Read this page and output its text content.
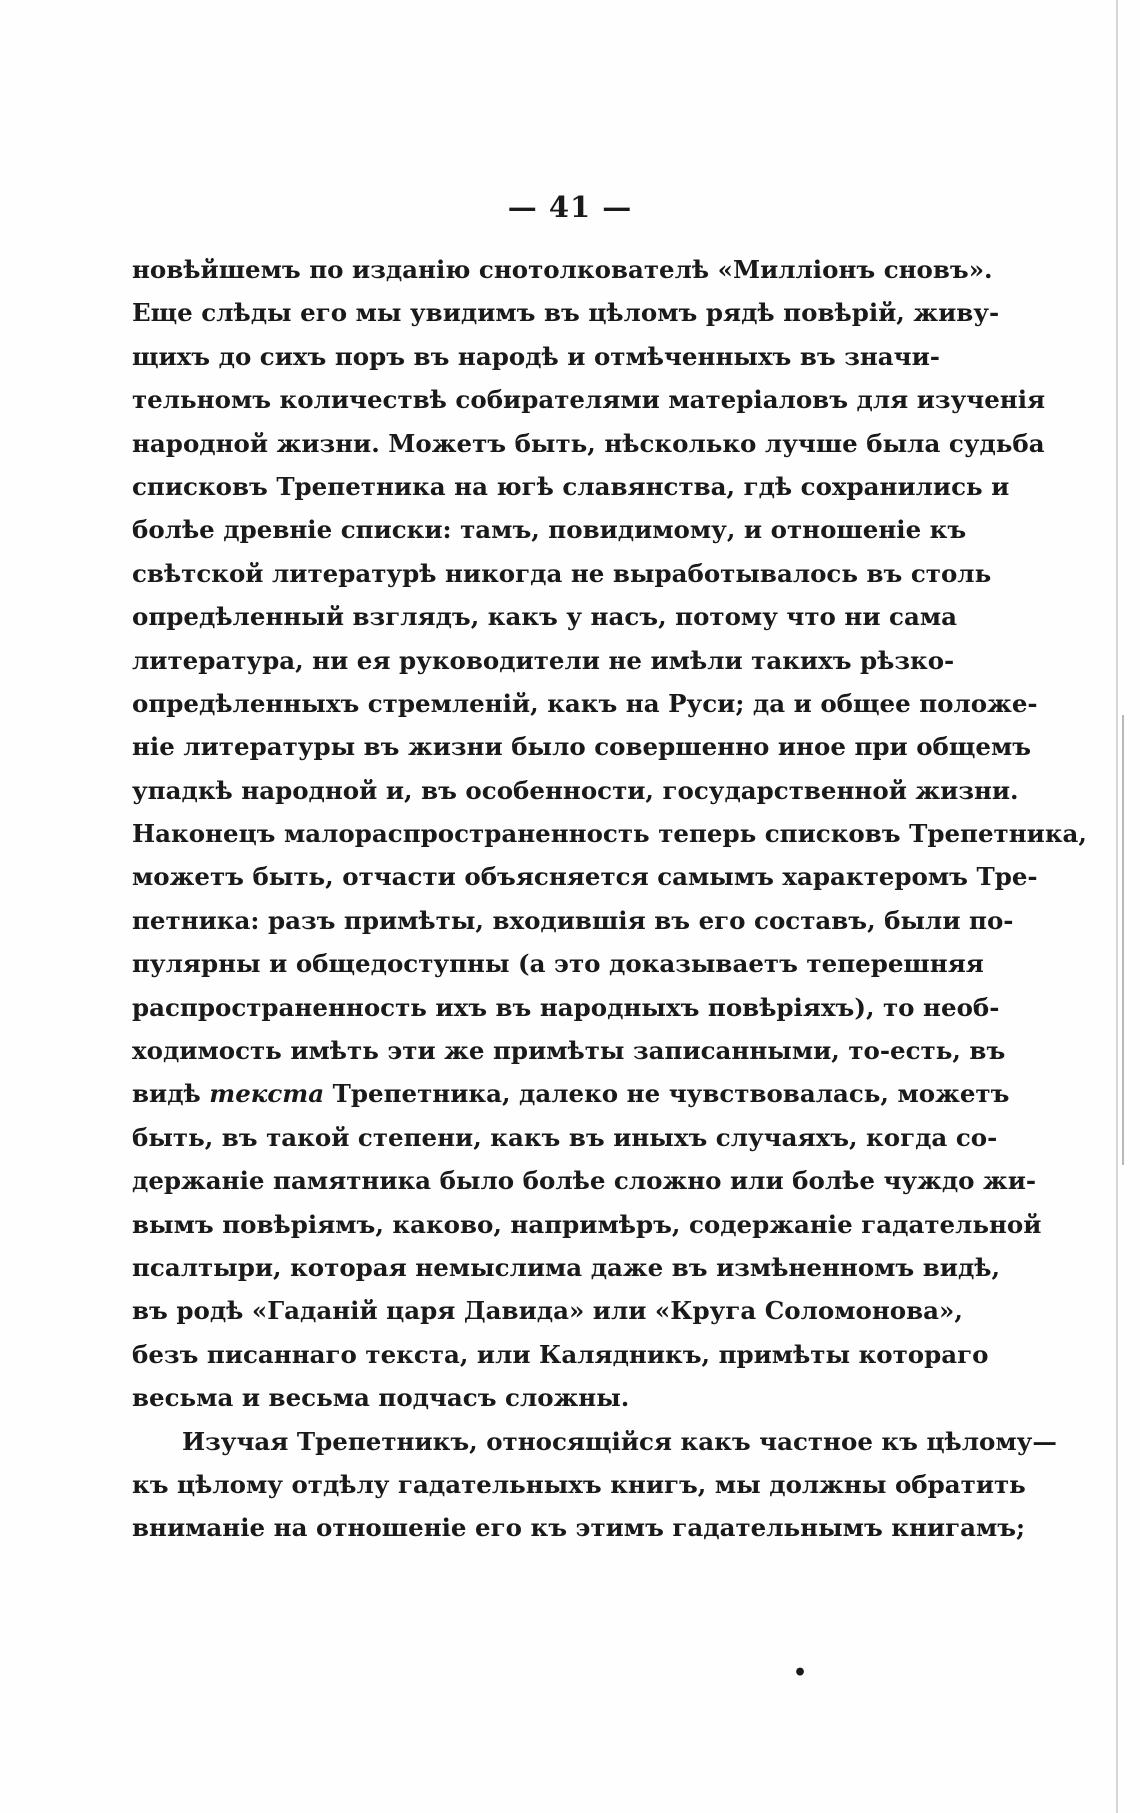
— 41 —
новѣйшемъ по изданію снотолкователѣ «Милліонъ сновъ».
Еще слѣды его мы увидимъ въ цѣломъ рядѣ повѣрій, живу-
щихъ до сихъ поръ въ народѣ и отмѣченныхъ въ значи-
тельномъ количествѣ собирателями матеріаловъ для изученія
народной жизни. Можетъ быть, нѣсколько лучше была судьба
списковъ Трепетника на югѣ славянства, гдѣ сохранились и
болѣе древніе списки: тамъ, повидимому, и отношеніе къ
свѣтской литературѣ никогда не выработывалось въ столь
опредѣленный взглядъ, какъ у насъ, потому что ни сама
литература, ни ея руководители не имѣли такихъ рѣзко-
опредѣленныхъ стремленій, какъ на Руси; да и общее положе-
ніе литературы въ жизни было совершенно иное при общемъ
упадкѣ народной и, въ особенности, государственной жизни.
Наконецъ малораспространенность теперь списковъ Трепетника,
можетъ быть, отчасти объясняется самымъ характеромъ Тре-
петника: разъ примѣты, входившія въ его составъ, были по-
пулярны и общедоступны (а это доказываетъ теперешняя
распространенность ихъ въ народныхъ повѣріяхъ), то необ-
ходимость имѣть эти же примѣты записанными, то-есть, въ
видѣ текста Трепетника, далеко не чувствовалась, можетъ
быть, въ такой степени, какъ въ иныхъ случаяхъ, когда со-
держаніе памятника было болѣе сложно или болѣе чуждо жи-
вымъ повѣріямъ, каково, напримѣръ, содержаніе гадательной
псалтыри, которая немыслима даже въ измѣненномъ видѣ,
въ родѣ «Гаданій царя Давида» или «Круга Соломонова»,
безъ писаннаго текста, или Калядникъ, примѣты котораго
весьма и весьма подчасъ сложны.
Изучая Трепетникъ, относящійся какъ частное къ цѣлому—
къ цѣлому отдѣлу гадательныхъ книгъ, мы должны обратить
вниманіе на отношеніе его къ этимъ гадательнымъ книгамъ;
•
